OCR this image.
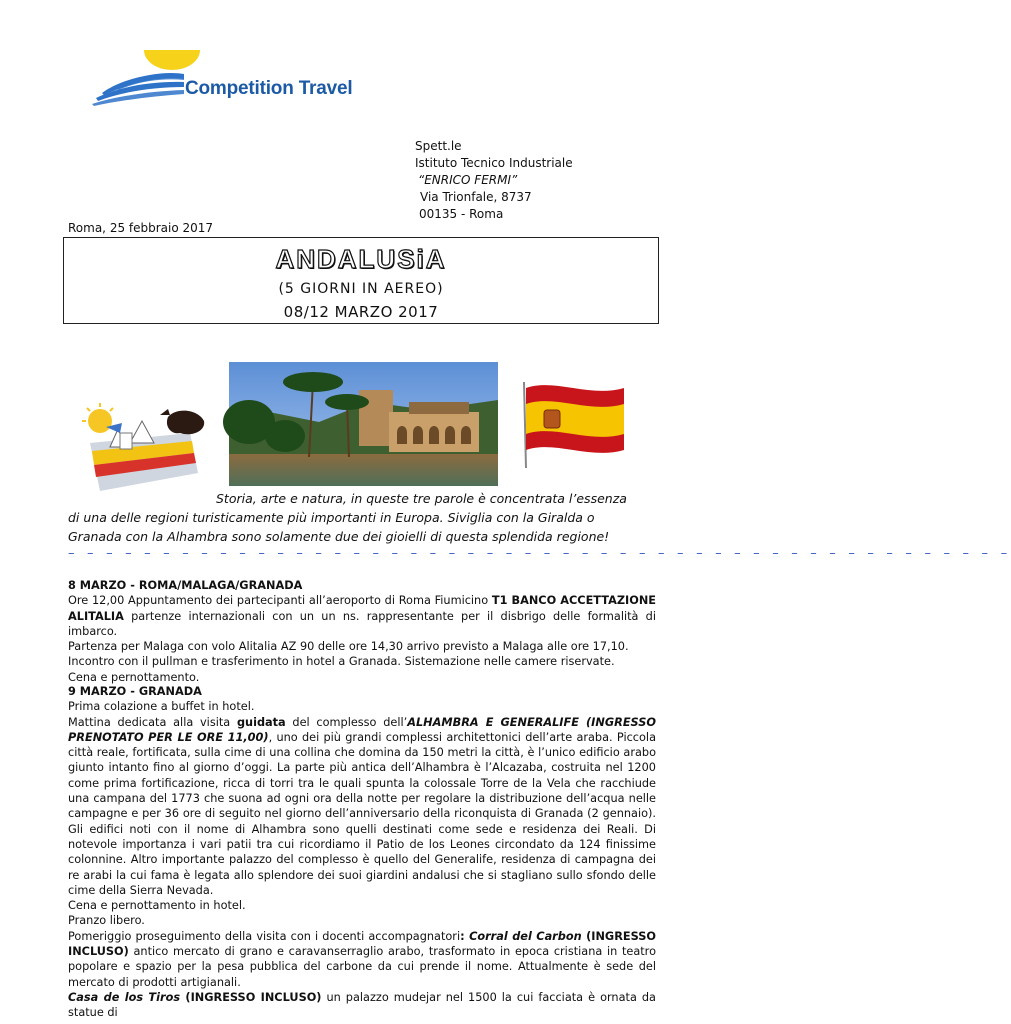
Competition Travel
Spett.le
Istituto Tecnico Industriale
“ENRICO FERMI”
Via Trionfale, 8737
00135 - Roma
Roma, 25 febbraio 2017
ANDALUSiA
(5 GIORNI IN AEREO)
08/12 MARZO 2017
Storia, arte e natura, in queste tre parole è concentrata l’essenza
di una delle regioni turisticamente più importanti in Europa. Siviglia con la Giralda o
Granada con la Alhambra sono solamente due dei gioielli di questa splendida regione!
– – – – – – – – – – – – – – – – – – – – – – – – – – – – – – – – – – – – – – – – – – – – – – – – – –

8 MARZO - ROMA/MALAGA/GRANADA

Ore 12,00 Appuntamento dei partecipanti all’aeroporto di Roma Fiumicino T1 BANCO ACCETTAZIONE ALITALIA partenze internazionali con un un ns. rappresentante per il disbrigo delle formalità di imbarco.

Partenza per Malaga con volo Alitalia AZ 90 delle ore 14,30 arrivo previsto a Malaga alle ore 17,10. Incontro con il pullman e trasferimento in hotel a Granada. Sistemazione nelle camere riservate.

Cena e pernottamento.

9 MARZO - GRANADA

Prima colazione a buffet in hotel.

Mattina dedicata alla visita guidata del complesso dell’ALHAMBRA E GENERALIFE (INGRESSO PRENOTATO PER LE ORE 11,00), uno dei più grandi complessi architettonici dell’arte araba. Piccola città reale, fortificata, sulla cime di una collina che domina da 150 metri la città, è l’unico edificio arabo giunto intanto fino al giorno d’oggi. La parte più antica dell’Alhambra è l’Alcazaba, costruita nel 1200 come prima fortificazione, ricca di torri tra le quali spunta la colossale Torre de la Vela che racchiude una campana del 1773 che suona ad ogni ora della notte per regolare la distribuzione dell’acqua nelle campagne e per 36 ore di seguito nel giorno dell’anniversario della riconquista di Granada (2 gennaio). Gli edifici noti con il nome di Alhambra sono quelli destinati come sede e residenza dei Reali. Di notevole importanza i vari patii tra cui ricordiamo il Patio de los Leones circondato da 124 finissime colonnine. Altro importante palazzo del complesso è quello del Generalife, residenza di campagna dei re arabi la cui fama è legata allo splendore dei suoi giardini andalusi che si stagliano sullo sfondo delle cime della Sierra Nevada.

Cena e pernottamento in hotel.

Pranzo libero.

Pomeriggio proseguimento della visita con i docenti accompagnatori: Corral del Carbon (INGRESSO INCLUSO) antico mercato di grano e caravanserraglio arabo, trasformato in epoca cristiana in teatro popolare e spazio per la pesa pubblica del carbone da cui prende il nome. Attualmente è sede del mercato di prodotti artigianali.

Casa de los Tiros (INGRESSO INCLUSO) un palazzo mudejar nel 1500 la cui facciata è ornata da statue di
